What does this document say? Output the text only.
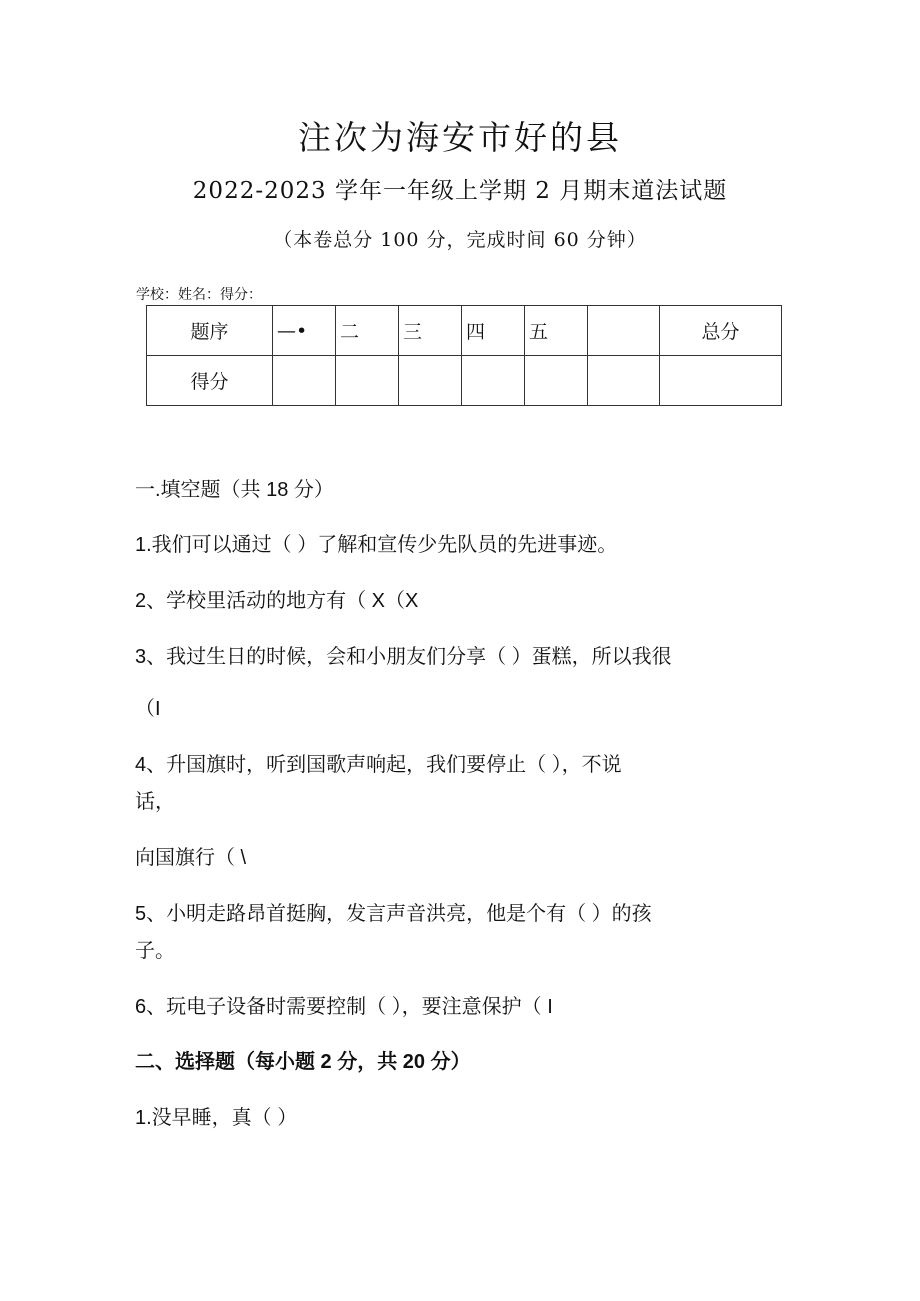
注次为海安市好的县
2022-2023 学年一年级上学期 2 月期末道法试题
（本卷总分 100 分，完成时间 60 分钟）
学校：姓名：得分：
题序	—•	二	三	四	五		总分
得分							
一.填空题（共 18 分）
1.我们可以通过（ ）了解和宣传少先队员的先进事迹。
2、学校里活动的地方有（ X（X
3、我过生日的时候，会和小朋友们分享（ ）蛋糕，所以我很
（I
4、升国旗时，听到国歌声响起，我们要停止（ ），不说
话，
向国旗行（ \
5、小明走路昂首挺胸，发言声音洪亮，他是个有（ ）的孩
子。
6、玩电子设备时需要控制（ ），要注意保护（ I
二、选择题（每小题 2 分，共 20 分）
1.没早睡，真（ ）
